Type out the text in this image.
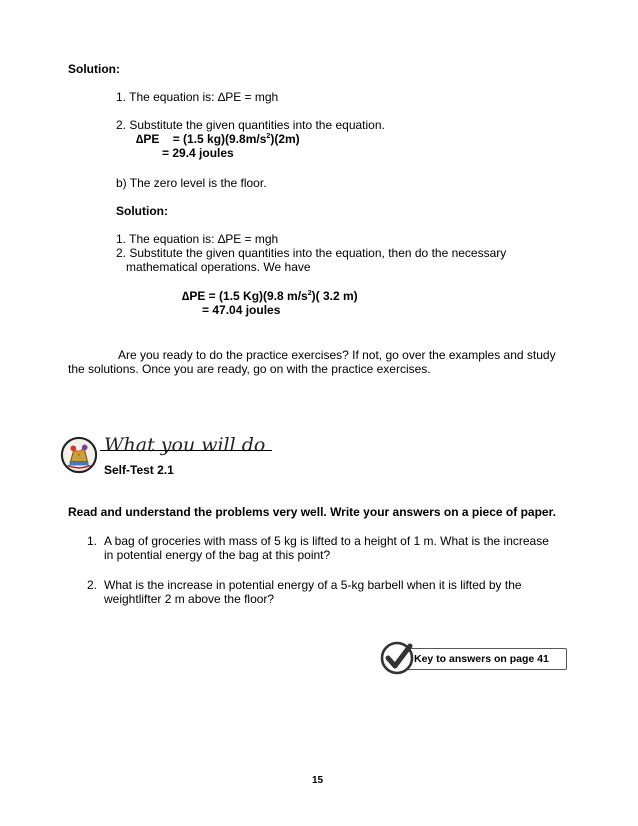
Solution:
1. The equation is: ∆PE = mgh
2. Substitute the given quantities into the equation.
∆PE = (1.5 $kg)(9.8m/s^2)(2m)$
= 29.4 joules
b) The zero level is the floor.
Solution:
1. The equation is: ∆PE = mgh
2. Substitute the given quantities into the equation, then do the necessary
mathematical operations. We have
∆PE = (1.5 Kg)(9.8 $m/s^2$)( 3.2 m)
= 47.04 joules
Are you ready to do the practice exercises? If not, go over the examples and study
the solutions. Once you are ready, go on with the practice exercises.
What you will do
Self-Test 2.1
Read and understand the problems very well. Write your answers on a piece of paper.
1. A bag of groceries with mass of 5 kg is lifted to a height of 1 m. What is the increase
in potential energy of the bag at this point?
2. What is the increase in potential energy of a 5-kg barbell when it is lifted by the
weightlifter 2 m above the floor?
Key to answers on page 41
15
